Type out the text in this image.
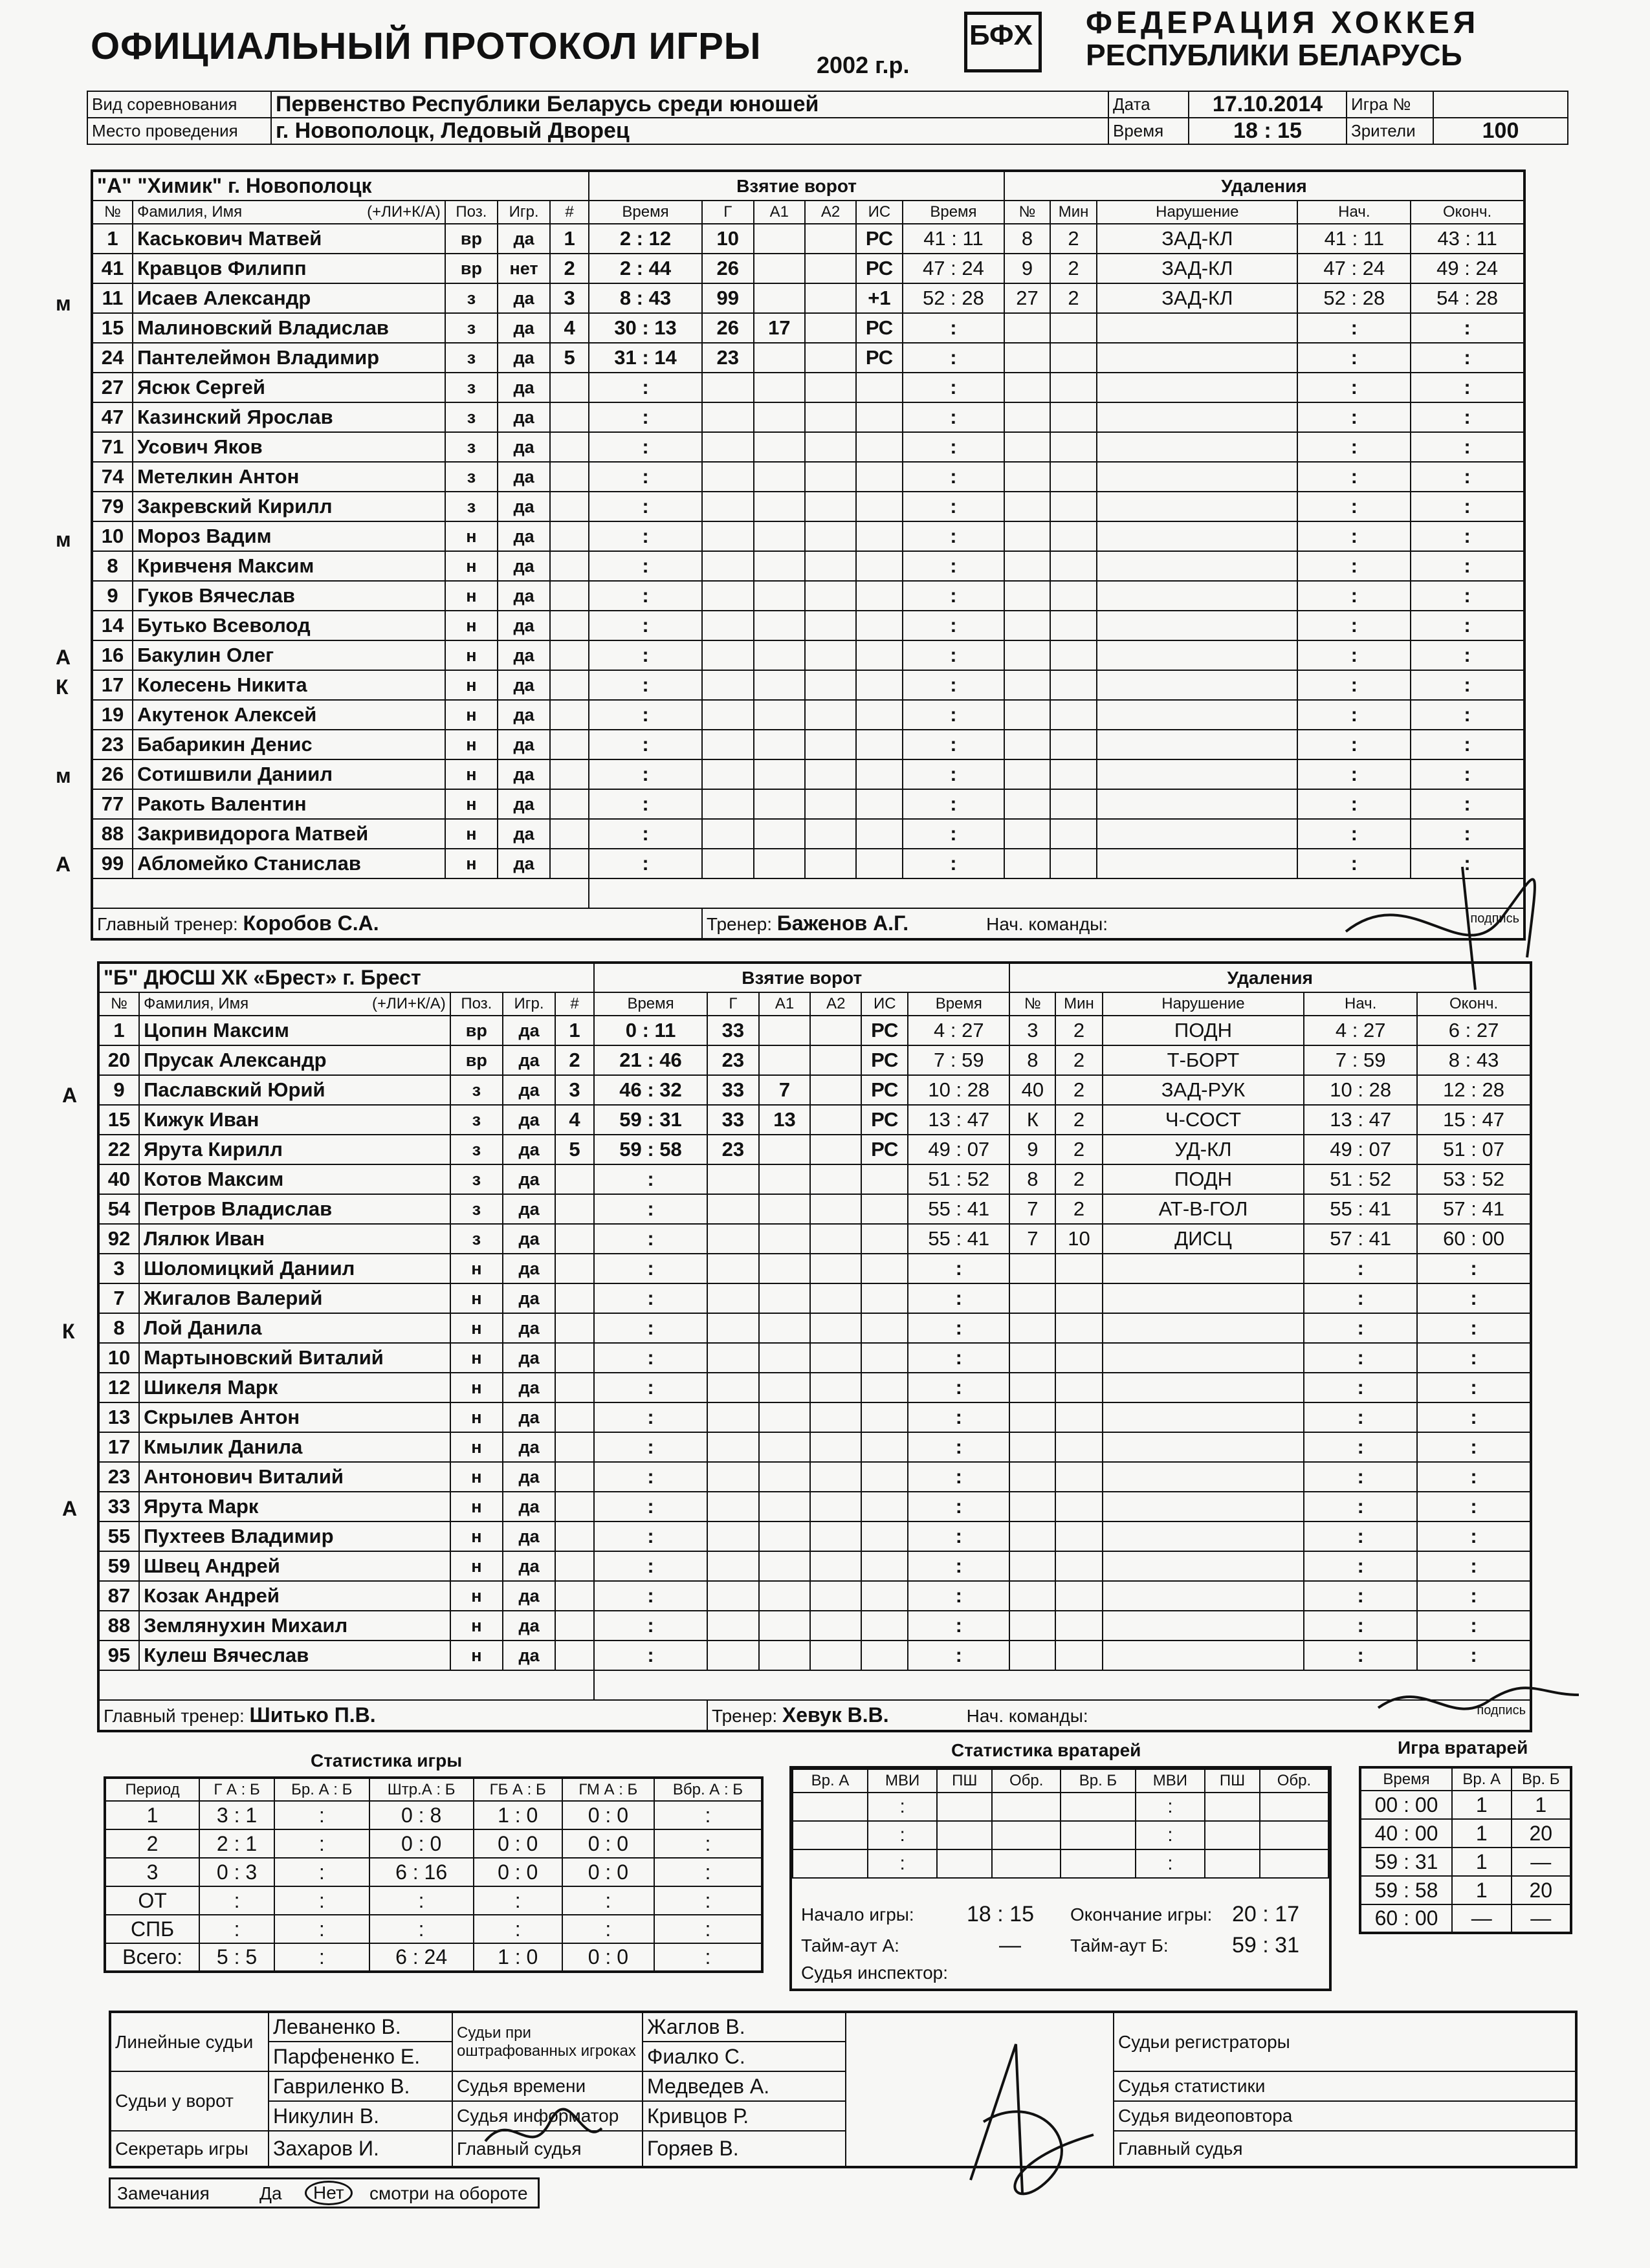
ОФИЦИАЛЬНЫЙ ПРОТОКОЛ ИГРЫ 2002 г.р.
БФХ ФЕДЕРАЦИЯ ХОККЕЯ
РЕСПУБЛИКИ БЕЛАРУСЬ
Вид соревнования	Первенство Республики Беларусь среди юношей	Дата	17.10.2014	Игра №	
Место проведения	г. Новополоцк, Ледовый Дворец	Время	18 : 15	Зрители	100
"А" "Химик" г. Новополоцк					Взятие ворот						Удаления				
№	Фамилия, Имя (+ЛИ+К/А)	Поз.	Игр.	#	Время	Г	А1	А2	ИС	Время	№	Мин	Нарушение	Нач.	Оконч.
1	Каськович Матвей	вр	да	1	2 : 12	10			РС	41 : 11	8	2	ЗАД-КЛ	41 : 11	43 : 11
41	Кравцов Филипп	вр	нет	2	2 : 44	26			РС	47 : 24	9	2	ЗАД-КЛ	47 : 24	49 : 24
11	Исаев Александр	з	да	3	8 : 43	99			+1	52 : 28	27	2	ЗАД-КЛ	52 : 28	54 : 28
15	Малиновский Владислав	з	да	4	30 : 13	26	17		РС	:				:	:
24	Пантелеймон Владимир	з	да	5	31 : 14	23			РС	:				:	:
27	Ясюк Сергей	з	да		:					:				:	:
47	Казинский Ярослав	з	да		:					:				:	:
71	Усович Яков	з	да		:					:				:	:
74	Метелкин Антон	з	да		:					:				:	:
79	Закревский Кирилл	з	да		:					:				:	:
10	Мороз Вадим	н	да		:					:				:	:
8	Кривченя Максим	н	да		:					:				:	:
9	Гуков Вячеслав	н	да		:					:				:	:
14	Бутько Всеволод	н	да		:					:				:	:
16	Бакулин Олег	н	да		:					:				:	:
17	Колесень Никита	н	да		:					:				:	:
19	Акутенок Алексей	н	да		:					:				:	:
23	Бабарикин Денис	н	да		:					:				:	:
26	Сотишвили Даниил	н	да		:					:				:	:
77	Ракоть Валентин	н	да		:					:				:	:
88	Закривидорога Матвей	н	да		:					:				:	:
99	Абломейко Станислав	н	да		:					:				:	:

Главный тренер: Коробов С.А.						Тренер: Баженов А.Г. Нач. команды: подпись									
"Б" ДЮСШ ХК «Брест» г. Брест					Взятие ворот						Удаления				
№	Фамилия, Имя (+ЛИ+К/А)	Поз.	Игр.	#	Время	Г	А1	А2	ИС	Время	№	Мин	Нарушение	Нач.	Оконч.
1	Цопин Максим	вр	да	1	0 : 11	33			РС	4 : 27	3	2	ПОДН	4 : 27	6 : 27
20	Прусак Александр	вр	да	2	21 : 46	23			РС	7 : 59	8	2	Т-БОРТ	7 : 59	8 : 43
9	Паславский Юрий	з	да	3	46 : 32	33	7		РС	10 : 28	40	2	ЗАД-РУК	10 : 28	12 : 28
15	Кижук Иван	з	да	4	59 : 31	33	13		РС	13 : 47	К	2	Ч-СОСТ	13 : 47	15 : 47
22	Ярута Кирилл	з	да	5	59 : 58	23			РС	49 : 07	9	2	УД-КЛ	49 : 07	51 : 07
40	Котов Максим	з	да		:					51 : 52	8	2	ПОДН	51 : 52	53 : 52
54	Петров Владислав	з	да		:					55 : 41	7	2	АТ-В-ГОЛ	55 : 41	57 : 41
92	Лялюк Иван	з	да		:					55 : 41	7	10	ДИСЦ	57 : 41	60 : 00
3	Шоломицкий Даниил	н	да		:					:				:	:
7	Жигалов Валерий	н	да		:					:				:	:
8	Лой Данила	н	да		:					:				:	:
10	Мартыновский Виталий	н	да		:					:				:	:
12	Шикеля Марк	н	да		:					:				:	:
13	Скрылев Антон	н	да		:					:				:	:
17	Кмылик Данила	н	да		:					:				:	:
23	Антонович Виталий	н	да		:					:				:	:
33	Ярута Марк	н	да		:					:				:	:
55	Пухтеев Владимир	н	да		:					:				:	:
59	Швец Андрей	н	да		:					:				:	:
87	Козак Андрей	н	да		:					:				:	:
88	Землянухин Михаил	н	да		:					:				:	:
95	Кулеш Вячеслав	н	да		:					:				:	:

Главный тренер: Шитько П.В.						Тренер: Хевук В.В. Нач. команды: подпись									
м
м
А
К
м
А
А
К
А
Статистика игры
Период	Г А : Б	Бр. А : Б	Штр.А : Б	ГБ А : Б	ГМ А : Б	Вбр. А : Б
1	3 : 1	:	0 : 8	1 : 0	0 : 0	:
2	2 : 1	:	0 : 0	0 : 0	0 : 0	:
3	0 : 3	:	6 : 16	0 : 0	0 : 0	:
ОТ	:	:	:	:	:	:
СПБ	:	:	:	:	:	:
Всего:	5 : 5	:	6 : 24	1 : 0	0 : 0	:
Статистика вратарей
Вр. А	МВИ	ПШ	Обр.	Вр. Б	МВИ	ПШ	Обр.
	:				:		
	:				:		
	:				:		
Начало игры: 18 : 15 Окончание игры: 20 : 17
Тайм-аут А:	—	Тайм-аут Б:	59 : 31
Судья инспектор:
Игра вратарей
Время	Вр. А	Вр. Б
00 : 00	1	1
40 : 00	1	20
59 : 31	1	—
59 : 58	1	20
60 : 00	—	—
Линейные судьи	Леваненко В.	Судьи при оштрафованных игроках	Жаглов В.		Судьи регистраторы
	Парфененко Е.		Фиалко С.		
Судьи у ворот	Гавриленко В.	Судья времени	Медведев А.		Судья статистики
	Никулин В.	Судья информатор	Кривцов Р.		Судья видеоповтора
Секретарь игры	Захаров И.	Главный судья	Горяев В.		Главный судья
Замечания	Да	Нет	смотри на обороте
